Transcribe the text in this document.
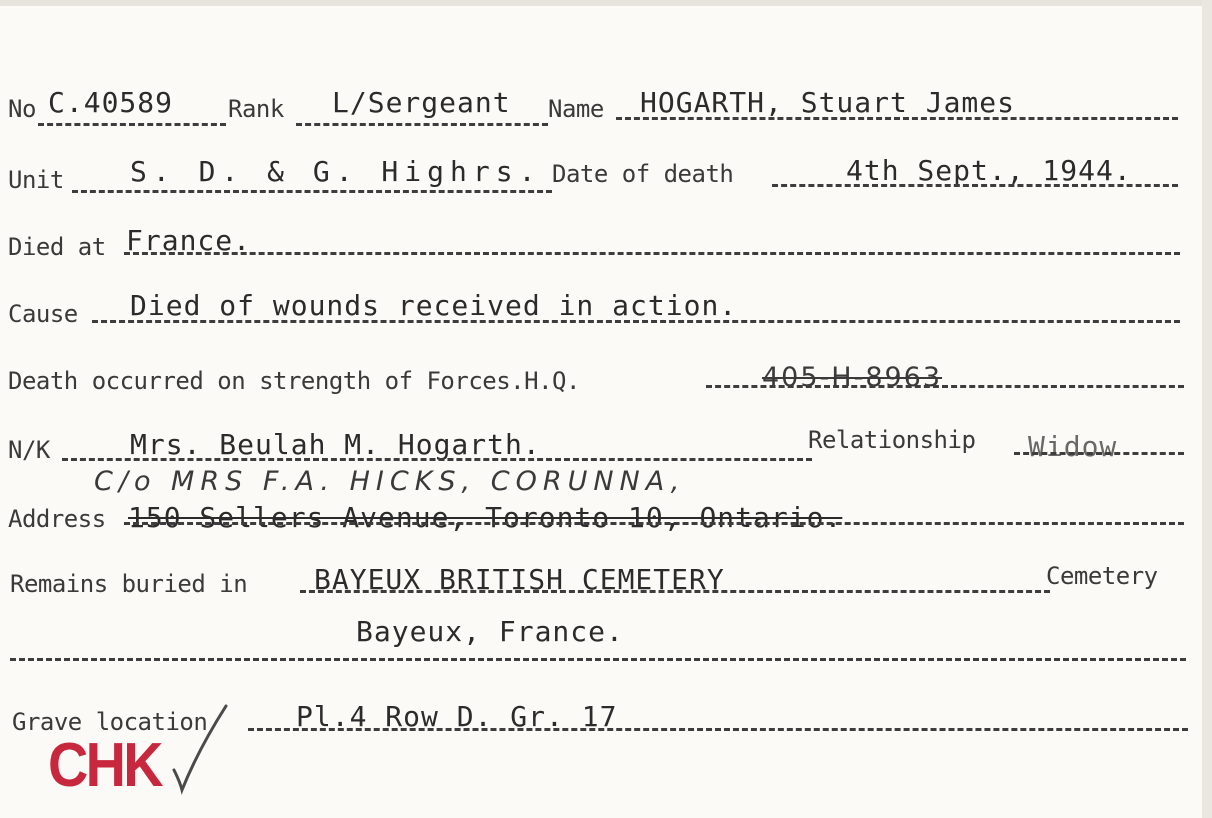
No C.40589 Rank L/Sergeant Name HOGARTH, Stuart James
Unit S. D. & G. Highrs. Date of death	4th Sept., 1944.
Died at France.
Cause Died of wounds received in action.
Death occurred on strength of Forces.H.Q.	405-H-8963
N/K	Mrs. Beulah M. Hogarth.	Relationship Widow
C/o MRS F.A. HICKS, CORUNNA,
Address 150 Sellers Avenue, Toronto 10, Ontario.
Remains buried in BAYEUX BRITISH CEMETERY	Cemetery
Bayeux, France.
Grave location	Pl.4 Row D. Gr. 17
CHK
